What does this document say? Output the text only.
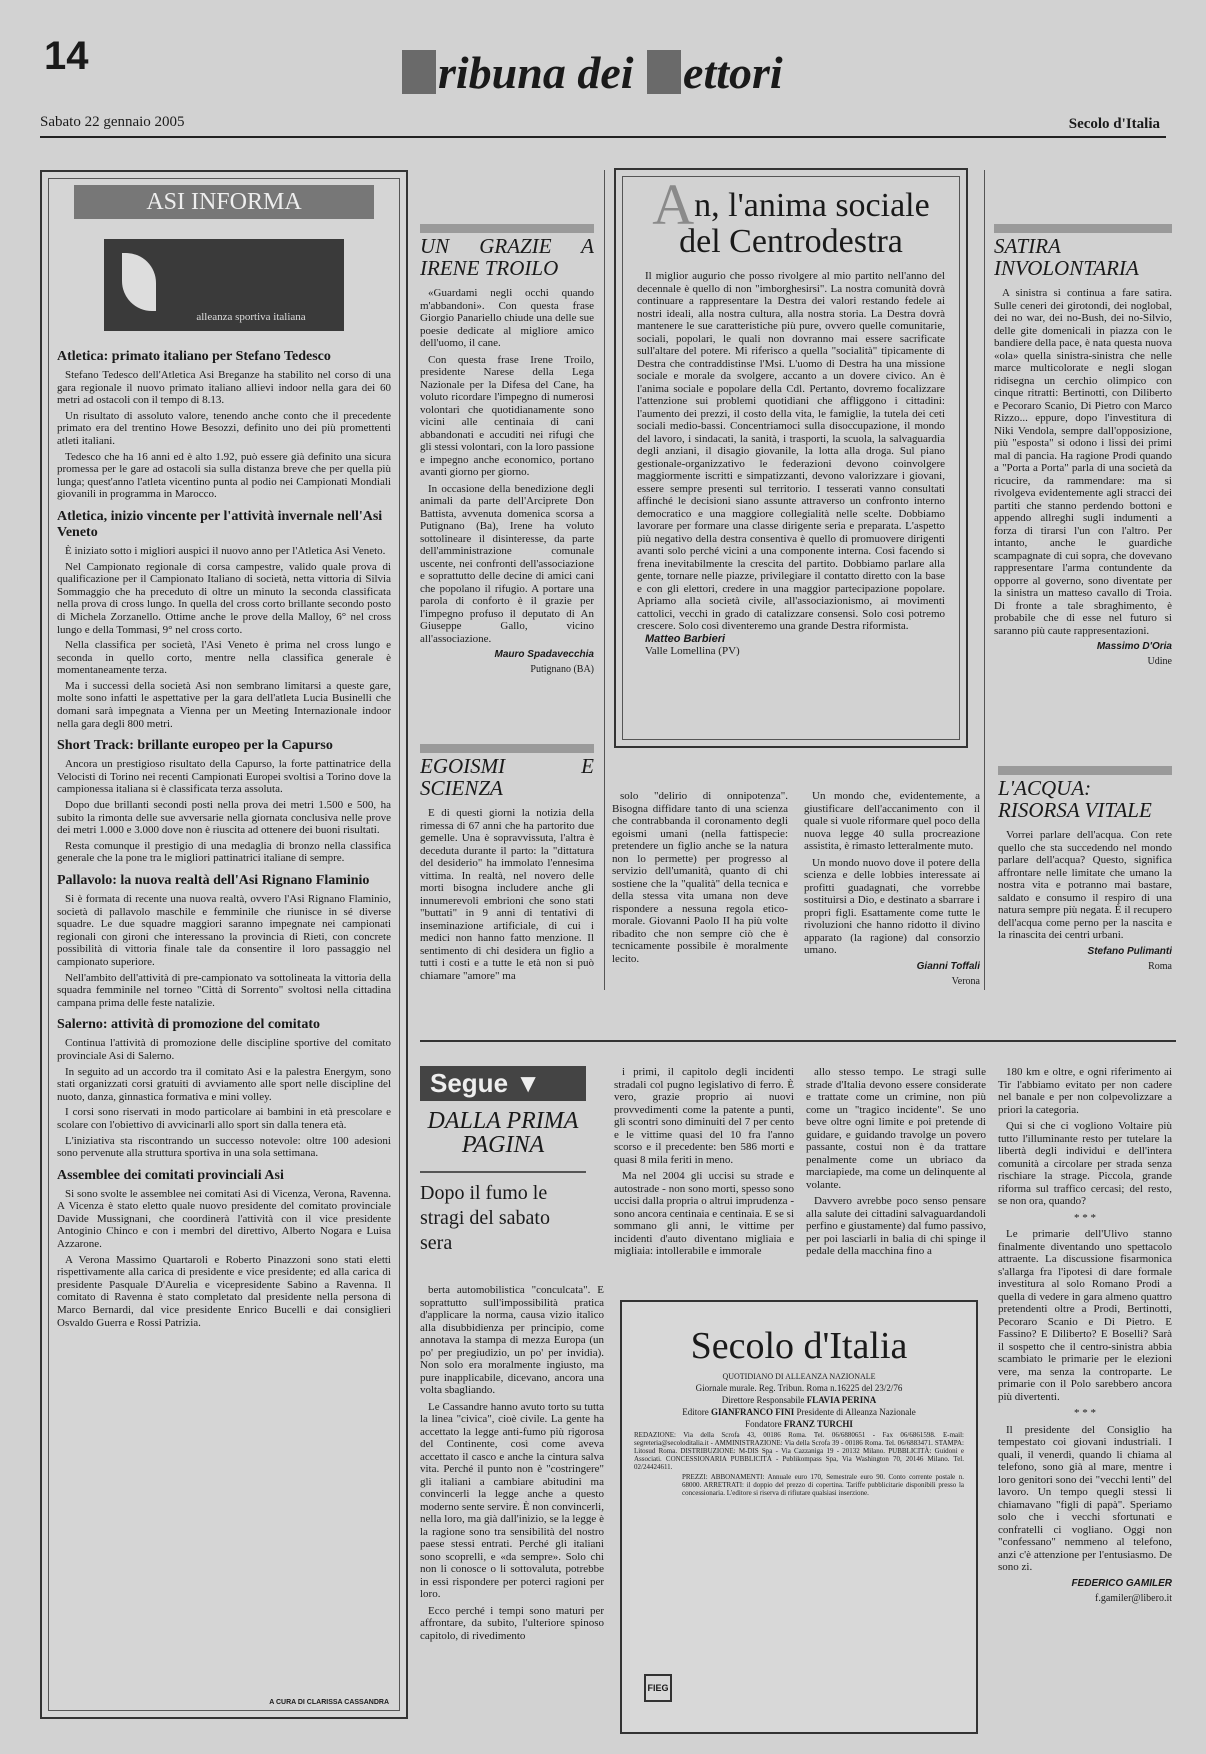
14	ribuna dei ettori

Sabato 22 gennaio 2005	Secolo d'Italia

ASI INFORMA
alleanza sportiva italiana
Atletica: primato italiano per Stefano Tedesco

Stefano Tedesco dell'Atletica Asi Breganze ha stabilito nel corso di una gara regionale il nuovo primato italiano allievi indoor nella gara dei 60 metri ad ostacoli con il tempo di 8.13.

Un risultato di assoluto valore, tenendo anche conto che il precedente primato era del trentino Howe Besozzi, definito uno dei più promettenti atleti italiani.

Tedesco che ha 16 anni ed è alto 1.92, può essere già definito una sicura promessa per le gare ad ostacoli sia sulla distanza breve che per quella più lunga; quest'anno l'atleta vicentino punta al podio nei Campionati Mondiali giovanili in programma in Marocco.

Atletica, inizio vincente per l'attività invernale nell'Asi Veneto

È iniziato sotto i migliori auspici il nuovo anno per l'Atletica Asi Veneto.

Nel Campionato regionale di corsa campestre, valido quale prova di qualificazione per il Campionato Italiano di società, netta vittoria di Silvia Sommaggio che ha preceduto di oltre un minuto la seconda classificata nella prova di cross lungo. In quella del cross corto brillante secondo posto di Michela Zorzanello. Ottime anche le prove della Malloy, 6° nel cross lungo e della Tommasi, 9° nel cross corto.

Nella classifica per società, l'Asi Veneto è prima nel cross lungo e seconda in quello corto, mentre nella classifica generale è momentaneamente terza.

Ma i successi della società Asi non sembrano limitarsi a queste gare, molte sono infatti le aspettative per la gara dell'atleta Lucia Businelli che domani sarà impegnata a Vienna per un Meeting Internazionale indoor nella gara degli 800 metri.

Short Track: brillante europeo per la Capurso

Ancora un prestigioso risultato della Capurso, la forte pattinatrice della Velocisti di Torino nei recenti Campionati Europei svoltisi a Torino dove la campionessa italiana si è classificata terza assoluta.

Dopo due brillanti secondi posti nella prova dei metri 1.500 e 500, ha subito la rimonta delle sue avversarie nella giornata conclusiva nelle prove dei metri 1.000 e 3.000 dove non è riuscita ad ottenere dei buoni risultati.

Resta comunque il prestigio di una medaglia di bronzo nella classifica generale che la pone tra le migliori pattinatrici italiane di sempre.

Pallavolo: la nuova realtà dell'Asi Rignano Flaminio

Si è formata di recente una nuova realtà, ovvero l'Asi Rignano Flaminio, società di pallavolo maschile e femminile che riunisce in sé diverse squadre. Le due squadre maggiori saranno impegnate nei campionati regionali con gironi che interessano la provincia di Rieti, con concrete possibilità di vittoria finale tale da consentire il loro passaggio nel campionato superiore.

Nell'ambito dell'attività di pre-campionato va sottolineata la vittoria della squadra femminile nel torneo "Città di Sorrento" svoltosi nella cittadina campana prima delle feste natalizie.

Salerno: attività di promozione del comitato

Continua l'attività di promozione delle discipline sportive del comitato provinciale Asi di Salerno.

In seguito ad un accordo tra il comitato Asi e la palestra Energym, sono stati organizzati corsi gratuiti di avviamento alle sport nelle discipline del nuoto, danza, ginnastica formativa e mini volley.

I corsi sono riservati in modo particolare ai bambini in età prescolare e scolare con l'obiettivo di avvicinarli allo sport sin dalla tenera età.

L'iniziativa sta riscontrando un successo notevole: oltre 100 adesioni sono pervenute alla struttura sportiva in una sola settimana.

Assemblee dei comitati provinciali Asi

Si sono svolte le assemblee nei comitati Asi di Vicenza, Verona, Ravenna. A Vicenza è stato eletto quale nuovo presidente del comitato provinciale Davide Mussignani, che coordinerà l'attività con il vice presidente Antoginio Chinco e con i membri del direttivo, Alberto Nogara e Luisa Azzarone.

A Verona Massimo Quartaroli e Roberto Pinazzoni sono stati eletti rispettivamente alla carica di presidente e vice presidente; ed alla carica di presidente Pasquale D'Aurelia e vicepresidente Sabino a Ravenna. Il comitato di Ravenna è stato completato dal presidente nella persona di Marco Bernardi, dal vice presidente Enrico Bucelli e dai consiglieri Osvaldo Guerra e Rossi Patrizia.

A CURA DI CLARISSA CASSANDRA
UN GRAZIE A IRENE TROILO

«Guardami negli occhi quando m'abbandoni». Con questa frase Giorgio Panariello chiude una delle sue poesie dedicate al migliore amico dell'uomo, il cane.

Con questa frase Irene Troilo, presidente Narese della Lega Nazionale per la Difesa del Cane, ha voluto ricordare l'impegno di numerosi volontari che quotidianamente sono vicini alle centinaia di cani abbandonati e accuditi nei rifugi che gli stessi volontari, con la loro passione e impegno anche economico, portano avanti giorno per giorno.

In occasione della benedizione degli animali da parte dell'Arciprete Don Battista, avvenuta domenica scorsa a Putignano (Ba), Irene ha voluto sottolineare il disinteresse, da parte dell'amministrazione comunale uscente, nei confronti dell'associazione e soprattutto delle decine di amici cani che popolano il rifugio. A portare una parola di conforto è il grazie per l'impegno profuso il deputato di An Giuseppe Gallo, vicino all'associazione.

Mauro Spadavecchia

Putignano (BA)

An, l'anima sociale
del Centrodestra

Il miglior augurio che posso rivolgere al mio partito nell'anno del decennale è quello di non "imborghesirsi". La nostra comunità dovrà continuare a rappresentare la Destra dei valori restando fedele ai nostri ideali, alla nostra cultura, alla nostra storia. La Destra dovrà mantenere le sue caratteristiche più pure, ovvero quelle comunitarie, sociali, popolari, le quali non dovranno mai essere sacrificate sull'altare del potere. Mi riferisco a quella "socialità" tipicamente di Destra che contraddistinse l'Msi. L'uomo di Destra ha una missione sociale e morale da svolgere, accanto a un dovere civico. An è l'anima sociale e popolare della Cdl. Pertanto, dovremo focalizzare l'attenzione sui problemi quotidiani che affliggono i cittadini: l'aumento dei prezzi, il costo della vita, le famiglie, la tutela dei ceti sociali medio-bassi. Concentriamoci sulla disoccupazione, il mondo del lavoro, i sindacati, la sanità, i trasporti, la scuola, la salvaguardia degli anziani, il disagio giovanile, la lotta alla droga. Sul piano gestionale-organizzativo le federazioni devono coinvolgere maggiormente iscritti e simpatizzanti, devono valorizzare i giovani, essere sempre presenti sul territorio. I tesserati vanno consultati affinché le decisioni siano assunte attraverso un confronto interno democratico e una maggiore collegialità nelle scelte. Dobbiamo lavorare per formare una classe dirigente seria e preparata. L'aspetto più negativo della destra consentiva è quello di promuovere dirigenti avanti solo perché vicini a una componente interna. Così facendo si frena inevitabilmente la crescita del partito. Dobbiamo parlare alla gente, tornare nelle piazze, privilegiare il contatto diretto con la base e con gli elettori, credere in una maggior partecipazione popolare. Apriamo alla società civile, all'associazionismo, ai movimenti cattolici, vecchi in grado di catalizzare consensi. Solo così potremo crescere. Solo così diventeremo una grande Destra riformista.

Matteo Barbieri

Valle Lomellina (PV)

SATIRA INVOLONTARIA

A sinistra si continua a fare satira. Sulle ceneri dei girotondi, dei noglobal, dei no war, dei no-Bush, dei no-Silvio, delle gite domenicali in piazza con le bandiere della pace, è nata questa nuova «ola» quella sinistra-sinistra che nelle marce multicolorate e negli slogan ridisegna un cerchio olimpico con cinque ritratti: Bertinotti, con Diliberto e Pecoraro Scanio, Di Pietro con Marco Rizzo... eppure, dopo l'investitura di Niki Vendola, sempre dall'opposizione, più "esposta" si odono i lissi dei primi mal di pancia. Ha ragione Prodi quando a "Porta a Porta" parla di una società da ricucire, da rammendare: ma si rivolgeva evidentemente agli stracci dei partiti che stanno perdendo bottoni e appendo allreghi sugli indumenti a forza di tirarsi l'un con l'altro. Per intanto, anche le guardiche scampagnate di cui sopra, che dovevano rappresentare l'arma contundente da opporre al governo, sono diventate per la sinistra un matteso cavallo di Troia. Di fronte a tale sbraghimento, è probabile che di esse nel futuro si saranno più caute rappresentazioni.

Massimo D'Oria

Udine

EGOISMI E SCIENZA

E di questi giorni la notizia della rimessa di 67 anni che ha partorito due gemelle. Una è sopravvissuta, l'altra è deceduta durante il parto: la "dittatura del desiderio" ha immolato l'ennesima vittima. In realtà, nel novero delle morti bisogna includere anche gli innumerevoli embrioni che sono stati "buttati" in 9 anni di tentativi di inseminazione artificiale, di cui i medici non hanno fatto menzione. Il sentimento di chi desidera un figlio a tutti i costi e a tutte le età non si può chiamare "amore" ma

solo "delirio di onnipotenza". Bisogna diffidare tanto di una scienza che contrabbanda il coronamento degli egoismi umani (nella fattispecie: pretendere un figlio anche se la natura non lo permette) per progresso al servizio dell'umanità, quanto di chi sostiene che la "qualità" della tecnica e della stessa vita umana non deve rispondere a nessuna regola etico-morale. Giovanni Paolo II ha più volte ribadito che non sempre ciò che è tecnicamente possibile è moralmente lecito.

Un mondo che, evidentemente, a giustificare dell'accanimento con il quale si vuole riformare quel poco della nuova legge 40 sulla procreazione assistita, è rimasto letteralmente muto.

Un mondo nuovo dove il potere della scienza e delle lobbies interessate ai profitti guadagnati, che vorrebbe sostituirsi a Dio, e destinato a sbarrare i propri figli. Esattamente come tutte le rivoluzioni che hanno ridotto il divino apparato (la ragione) dal consorzio umano.

Gianni Toffali

Verona

L'ACQUA: RISORSA VITALE

Vorrei parlare dell'acqua. Con rete quello che sta succedendo nel mondo parlare dell'acqua? Questo, significa affrontare nelle limitate che umano la nostra vita e potranno mai bastare, saldato e consumo il respiro di una natura sempre più negata. È il recupero dell'acqua come perno per la nascita e la rinascita dei centri urbani.

Stefano Pulimanti

Roma

Segue ▼
DALLA PRIMA PAGINA
Dopo il fumo le stragi del sabato sera

berta automobilistica "conculcata". E soprattutto sull'impossibilità pratica d'applicare la norma, causa vizio italico alla disubbidienza per principio, come annotava la stampa di mezza Europa (un po' per pregiudizio, un po' per invidia). Non solo era moralmente ingiusto, ma pure inapplicabile, dicevano, ancora una volta sbagliando.

Le Cassandre hanno avuto torto su tutta la linea "civica", cioè civile. La gente ha accettato la legge anti-fumo più rigorosa del Continente, così come aveva accettato il casco e anche la cintura salva vita. Perché il punto non è "costringere" gli italiani a cambiare abitudini ma convincerli la legge anche a questo moderno sente servire. È non convincerli, nella loro, ma già dall'inizio, se la legge è la ragione sono tra sensibilità del nostro paese stessi entrati. Perché gli italiani sono scoprelli, e «da sempre». Solo chi non li conosce o li sottovaluta, potrebbe in essi rispondere per poterci ragioni per loro.

Ecco perché i tempi sono maturi per affrontare, da subito, l'ulteriore spinoso capitolo, di rivedimento

i primi, il capitolo degli incidenti stradali col pugno legislativo di ferro. È vero, grazie proprio ai nuovi provvedimenti come la patente a punti, gli scontri sono diminuiti del 7 per cento e le vittime quasi del 10 fra l'anno scorso e il precedente: ben 586 morti e quasi 8 mila feriti in meno.

Ma nel 2004 gli uccisi su strade e autostrade - non sono morti, spesso sono uccisi dalla propria o altrui imprudenza - sono ancora centinaia e centinaia. E se si sommano gli anni, le vittime per incidenti d'auto diventano migliaia e migliaia: intollerabile e immorale

allo stesso tempo. Le stragi sulle strade d'Italia devono essere considerate e trattate come un crimine, non più come un "tragico incidente". Se uno beve oltre ogni limite e poi pretende di guidare, e guidando travolge un povero passante, costui non è da trattare penalmente come un ubriaco da marciapiede, ma come un delinquente al volante.

Davvero avrebbe poco senso pensare alla salute dei cittadini salvaguardandoli perfino e giustamente) dal fumo passivo, per poi lasciarli in balia di chi spinge il pedale della macchina fino a

180 km e oltre, e ogni riferimento ai Tir l'abbiamo evitato per non cadere nel banale e per non colpevolizzare a priori la categoria.

Qui si che ci vogliono Voltaire più tutto l'illuminante resto per tutelare la libertà degli individui e dell'intera comunità a circolare per strada senza rischiare la strage. Piccola, grande riforma sul traffico cercasi; del resto, se non ora, quando?

* * *

Le primarie dell'Ulivo stanno finalmente diventando uno spettacolo attraente. La discussione fisarmonica s'allarga fra l'ipotesi di dare formale investitura al solo Romano Prodi a quella di vedere in gara almeno quattro pretendenti oltre a Prodi, Bertinotti, Pecoraro Scanio e Di Pietro. E Fassino? E Diliberto? E Boselli? Sarà il sospetto che il centro-sinistra abbia scambiato le primarie per le elezioni vere, ma senza la controparte. Le primarie con il Polo sarebbero ancora più divertenti.

* * *

Il presidente del Consiglio ha tempestato coi giovani industriali. I quali, il venerdì, quando li chiama al telefono, sono già al mare, mentre i loro genitori sono dei "vecchi lenti" del lavoro. Un tempo quegli stessi li chiamavano "figli di papà". Speriamo solo che i vecchi sfortunati e confratelli ci vogliano. Oggi non "confessano" nemmeno al telefono, anzi c'è attenzione per l'entusiasmo. De sono zi.

FEDERICO GAMILER

f.gamiler@libero.it

Secolo d'Italia

QUOTIDIANO DI ALLEANZA NAZIONALE

Giornale murale. Reg. Tribun. Roma n.16225 del 23/2/76

Direttore Responsabile FLAVIA PERINA

Editore GIANFRANCO FINI Presidente di Alleanza Nazionale

Fondatore FRANZ TURCHI

REDAZIONE: Via della Scrofa 43, 00186 Roma. Tel. 06/6880651 - Fax 06/6861598. E-mail: segreteria@secoloditalia.it - AMMINISTRAZIONE: Via della Scrofa 39 - 00186 Roma. Tel. 06/6883471. STAMPA: Litosud Roma. DISTRIBUZIONE: M-DIS Spa - Via Cazzaniga 19 - 20132 Milano. PUBBLICITÀ: Guidoni e Associati. CONCESSIONARIA PUBBLICITÀ - Publikompass Spa, Via Washington 70, 20146 Milano. Tel. 02/24424611.

PREZZI: ABBONAMENTI: Annuale euro 170, Semestrale euro 90. Conto corrente postale n. 68000. ARRETRATI: il doppio del prezzo di copertina. Tariffe pubblicitarie disponibili presso la concessionaria. L'editore si riserva di rifiutare qualsiasi inserzione.

FIEG
